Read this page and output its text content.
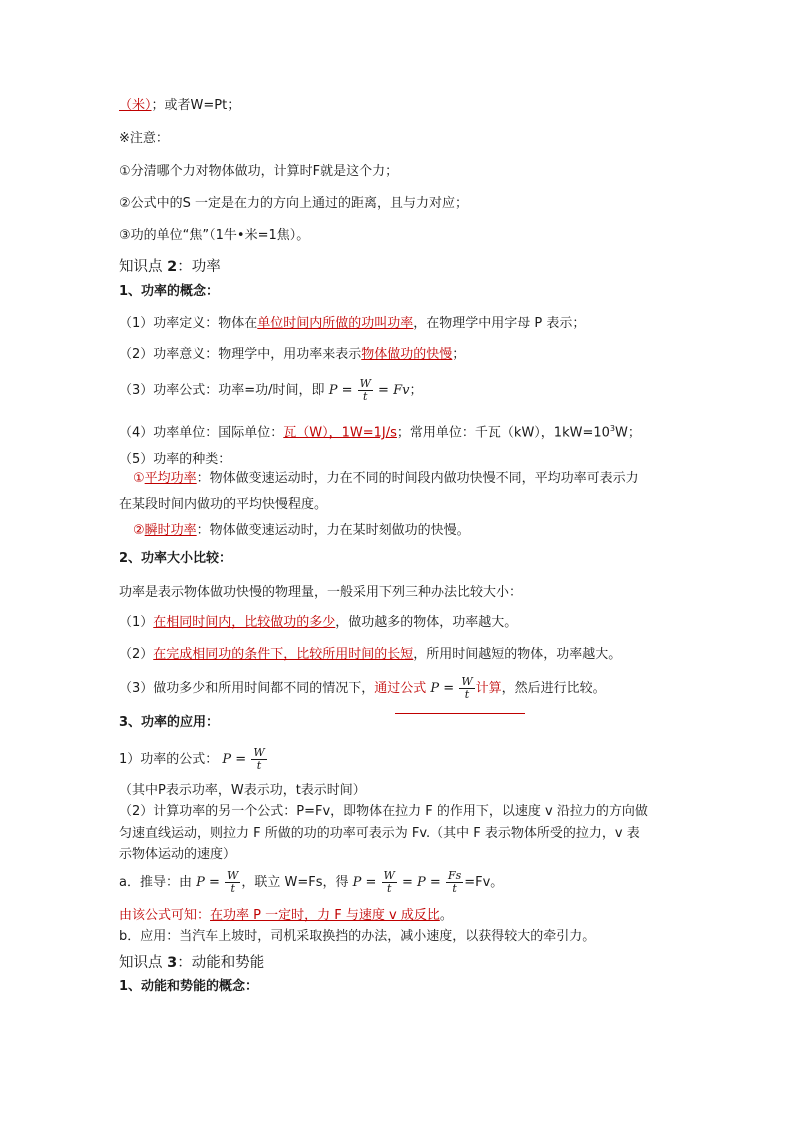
（米）；或者W=Pt；
※注意：
①分清哪个力对物体做功，计算时F就是这个力；
②公式中的S 一定是在力的方向上通过的距离，且与力对应；
③功的单位“焦”（1牛•米=1焦）。
知识点 2：功率
1、功率的概念：
（1）功率定义：物体在单位时间内所做的功叫功率，在物理学中用字母 P 表示；
（2）功率意义：物理学中，用功率来表示物体做功的快慢；
（3）功率公式：功率=功/时间，即 $P = \frac{W}{t} = Fv$；
（4）功率单位：国际单位：瓦（W），1W=1J/s；常用单位：千瓦（kW），$1kW=10^3W$；
（5）功率的种类：
①平均功率：物体做变速运动时，力在不同的时间段内做功快慢不同，平均功率可表示力
在某段时间内做功的平均快慢程度。
②瞬时功率：物体做变速运动时，力在某时刻做功的快慢。
2、功率大小比较：
功率是表示物体做功快慢的物理量，一般采用下列三种办法比较大小：
（1）在相同时间内，比较做功的多少，做功越多的物体，功率越大。
（2）在完成相同功的条件下，比较所用时间的长短，所用时间越短的物体，功率越大。
（3）做功多少和所用时间都不同的情况下，通过公式 $P = \frac{W}{t}$ 计算，然后进行比较。
3、功率的应用：
1）功率的公式： $P = \frac{W}{t}$
（其中P表示功率，W表示功，t表示时间）
（2）计算功率的另一个公式：P=Fv，即物体在拉力 F 的作用下，以速度 v 沿拉力的方向做
匀速直线运动，则拉力 F 所做的功的功率可表示为 Fv.（其中 F 表示物体所受的拉力，v 表
示物体运动的速度）
a．推导：由 $P = \frac{W}{t}$ ，联立 W=Fs，得 $P = \frac{W}{t} = P = \frac{Fs}{t} =Fv$。
由该公式可知：在功率 P 一定时，力 F 与速度 v 成反比。
b．应用：当汽车上坡时，司机采取换挡的办法，减小速度，以获得较大的牵引力。
知识点 3：动能和势能
1、动能和势能的概念：
